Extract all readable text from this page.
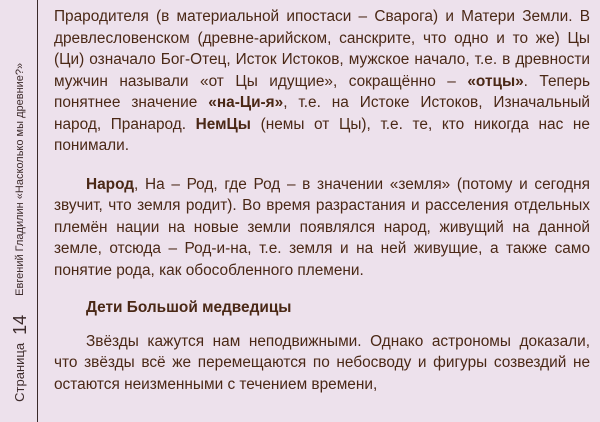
Страница 14 Евгений Гладилин «Насколько мы древние?»

Прародителя (в материальной ипостаси – Сварога) и Матери Земли. В древлесловенском (древне-арийском, санскрите, что одно и то же) Цы (Ци) означало Бог-Отец, Исток Истоков, мужское начало, т.е. в древности мужчин называли «от Цы идущие», сокращённо – «отцы». Теперь понятнее значение «на-Ци-я», т.е. на Истоке Истоков, Изначальный народ, Пранарод. НемЦы (немы от Цы), т.е. те, кто никогда нас не понимали.

Народ, На – Род, где Род – в значении «земля» (потому и сегодня звучит, что земля родит). Во время разрастания и расселения отдельных племён нации на новые земли появлялся народ, живущий на данной земле, отсюда – Род-и-на, т.е. земля и на ней живущие, а также само понятие рода, как обособленного племени.

Дети Большой медведицы

Звёзды кажутся нам неподвижными. Однако астрономы доказали, что звёзды всё же перемещаются по небосводу и фигуры созвездий не остаются неизменными с течением времени,
